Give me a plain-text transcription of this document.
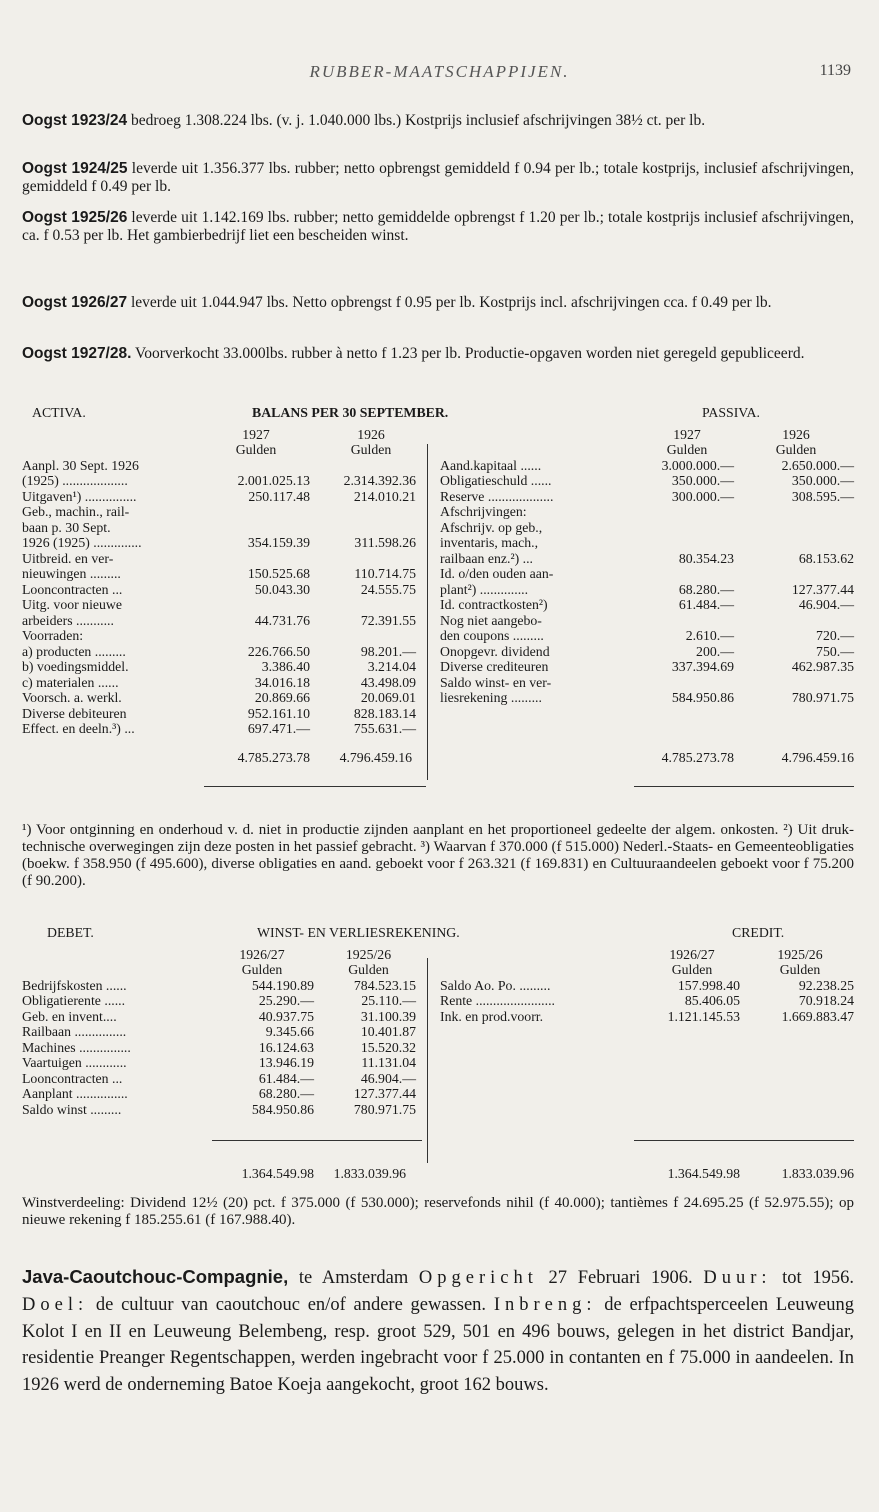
RUBBER-MAATSCHAPPIJEN.	1139
Oogst 1923/24 bedroeg 1.308.224 lbs. (v. j. 1.040.000 lbs.) Kostprijs inclusief afschrijvingen 38½ ct. per lb.
Oogst 1924/25 leverde uit 1.356.377 lbs. rubber; netto opbrengst gemiddeld f 0.94 per lb.; totale kostprijs, inclusief afschrijvingen, gemiddeld f 0.49 per lb.
Oogst 1925/26 leverde uit 1.142.169 lbs. rubber; netto gemiddelde opbrengst f 1.20 per lb.; totale kostprijs inclusief afschrijvingen, ca. f 0.53 per lb. Het gambierbedrijf liet een bescheiden winst.
Oogst 1926/27 leverde uit 1.044.947 lbs. Netto opbrengst f 0.95 per lb. Kostprijs incl. afschrijvingen cca. f 0.49 per lb.
Oogst 1927/28. Voorverkocht 33.000lbs. rubber à netto f 1.23 per lb. Productie-opgaven worden niet geregeld gepubliceerd.
ACTIVA.	BALANS PER 30 SEPTEMBER.	PASSIVA.
1927	1926	1927	1926
Gulden	Gulden	Gulden	Gulden
Aanpl. 30 Sept. 1926
(1925) ...................	2.001.025.13	2.314.392.36
Uitgaven¹) ...............	250.117.48	214.010.21
Geb., machin., rail-
baan p. 30 Sept.
1926 (1925) ..............	354.159.39	311.598.26
Uitbreid. en ver-
nieuwingen .........	150.525.68	110.714.75
Looncontracten ...	50.043.30	24.555.75
Uitg. voor nieuwe
arbeiders ...........	44.731.76	72.391.55
Voorraden:
a) producten .........	226.766.50	98.201.—
b) voedingsmiddel.	3.386.40	3.214.04
c) materialen ......	34.016.18	43.498.09
Voorsch. a. werkl.	20.869.66	20.069.01
Diverse debiteuren	952.161.10	828.183.14
Effect. en deeln.³) ...	697.471.—	755.631.—
Aand.kapitaal ......	3.000.000.—	2.650.000.—
Obligatieschuld ......	350.000.—	350.000.—
Reserve ...................	300.000.—	308.595.—
Afschrijvingen:
Afschrijv. op geb.,
inventaris, mach.,
railbaan enz.²) ...	80.354.23	68.153.62
Id. o/den ouden aan-
plant²) ..............	68.280.—	127.377.44
Id. contractkosten²)	61.484.—	46.904.—
Nog niet aangebo-
den coupons .........	2.610.—	720.—
Onopgevr. dividend	200.—	750.—
Diverse crediteuren	337.394.69	462.987.35
Saldo winst- en ver-
liesrekening .........	584.950.86	780.971.75
4.785.273.78	4.796.459.16	4.785.273.78	4.796.459.16
¹) Voor ontginning en onderhoud v. d. niet in productie zijnden aanplant en het proportioneel gedeelte der algem. onkosten. ²) Uit druk-technische overwegingen zijn deze posten in het passief gebracht. ³) Waarvan f 370.000 (f 515.000) Nederl.-Staats- en Gemeenteobligaties (boekw. f 358.950 (f 495.600), diverse obligaties en aand. geboekt voor f 263.321 (f 169.831) en Cultuuraandeelen geboekt voor f 75.200 (f 90.200).
DEBET.	WINST- EN VERLIESREKENING.	CREDIT.
1926/27	1925/26	1926/27	1925/26
Gulden	Gulden	Gulden	Gulden
Bedrijfskosten ......	544.190.89	784.523.15
Obligatierente ......	25.290.—	25.110.—
Geb. en invent....	40.937.75	31.100.39
Railbaan ...............	9.345.66	10.401.87
Machines ...............	16.124.63	15.520.32
Vaartuigen ............	13.946.19	11.131.04
Looncontracten ...	61.484.—	46.904.—
Aanplant ...............	68.280.—	127.377.44
Saldo winst .........	584.950.86	780.971.75
Saldo Ao. Po. .........	157.998.40	92.238.25
Rente .......................	85.406.05	70.918.24
Ink. en prod.voorr.	1.121.145.53	1.669.883.47
1.364.549.98	1.833.039.96	1.364.549.98	1.833.039.96
Winstverdeeling: Dividend 12½ (20) pct. f 375.000 (f 530.000); reservefonds nihil (f 40.000); tantièmes f 24.695.25 (f 52.975.55); op nieuwe rekening f 185.255.61 (f 167.988.40).
Java-Caoutchouc-Compagnie, te Amsterdam Opgericht 27 Februari 1906. Duur: tot 1956. Doel: de cultuur van caoutchouc en/of andere gewassen. Inbreng: de erfpachtsperceelen Leuweung Kolot I en II en Leuweung Belembeng, resp. groot 529, 501 en 496 bouws, gelegen in het district Bandjar, residentie Preanger Regentschappen, werden ingebracht voor f 25.000 in contanten en f 75.000 in aandeelen. In 1926 werd de onderneming Batoe Koeja aangekocht, groot 162 bouws.
